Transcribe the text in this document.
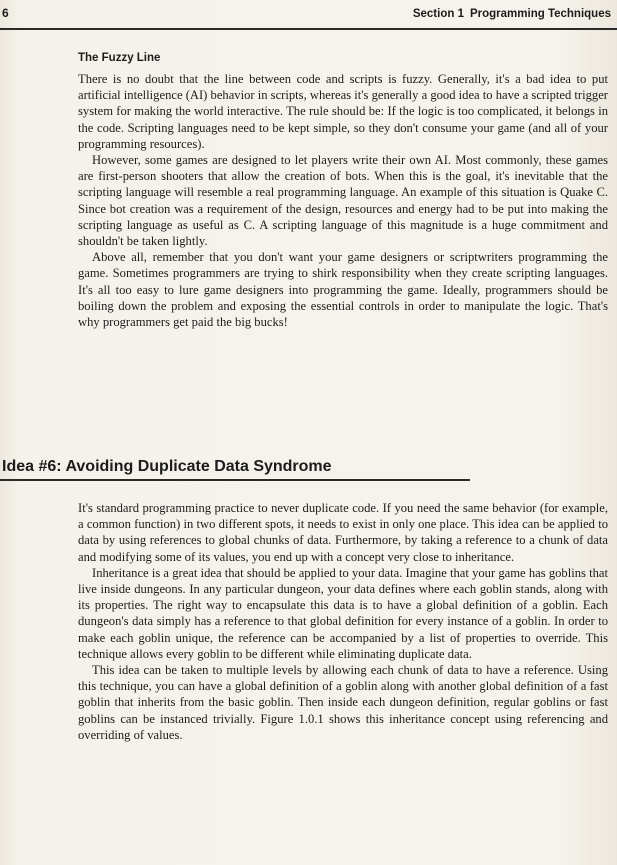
6	Section 1 Programming Techniques
The Fuzzy Line

There is no doubt that the line between code and scripts is fuzzy. Generally, it's a bad idea to put artificial intelligence (AI) behavior in scripts, whereas it's generally a good idea to have a scripted trigger system for making the world interactive. The rule should be: If the logic is too complicated, it belongs in the code. Scripting languages need to be kept simple, so they don't consume your game (and all of your programming resources).

However, some games are designed to let players write their own AI. Most commonly, these games are first-person shooters that allow the creation of bots. When this is the goal, it's inevitable that the scripting language will resemble a real programming language. An example of this situation is Quake C. Since bot creation was a requirement of the design, resources and energy had to be put into making the scripting language as useful as C. A scripting language of this magnitude is a huge commitment and shouldn't be taken lightly.

Above all, remember that you don't want your game designers or scriptwriters programming the game. Sometimes programmers are trying to shirk responsibility when they create scripting languages. It's all too easy to lure game designers into programming the game. Ideally, programmers should be boiling down the problem and exposing the essential controls in order to manipulate the logic. That's why programmers get paid the big bucks!

Idea #6: Avoiding Duplicate Data Syndrome

It's standard programming practice to never duplicate code. If you need the same behavior (for example, a common function) in two different spots, it needs to exist in only one place. This idea can be applied to data by using references to global chunks of data. Furthermore, by taking a reference to a chunk of data and modifying some of its values, you end up with a concept very close to inheritance.

Inheritance is a great idea that should be applied to your data. Imagine that your game has goblins that live inside dungeons. In any particular dungeon, your data defines where each goblin stands, along with its properties. The right way to encapsulate this data is to have a global definition of a goblin. Each dungeon's data simply has a reference to that global definition for every instance of a goblin. In order to make each goblin unique, the reference can be accompanied by a list of properties to override. This technique allows every goblin to be different while eliminating duplicate data.

This idea can be taken to multiple levels by allowing each chunk of data to have a reference. Using this technique, you can have a global definition of a goblin along with another global definition of a fast goblin that inherits from the basic goblin. Then inside each dungeon definition, regular goblins or fast goblins can be instanced trivially. Figure 1.0.1 shows this inheritance concept using referencing and overriding of values.
